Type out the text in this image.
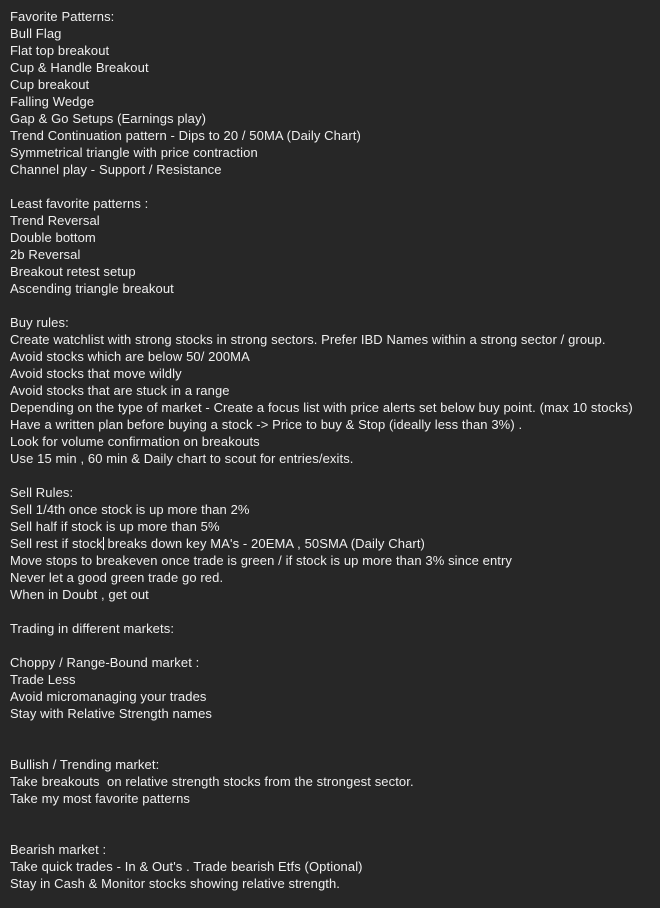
Favorite Patterns:
Bull Flag
Flat top breakout
Cup & Handle Breakout
Cup breakout
Falling Wedge
Gap & Go Setups (Earnings play)
Trend Continuation pattern - Dips to 20 / 50MA (Daily Chart)
Symmetrical triangle with price contraction
Channel play - Support / Resistance
Least favorite patterns :
Trend Reversal
Double bottom
2b Reversal
Breakout retest setup
Ascending triangle breakout
Buy rules:
Create watchlist with strong stocks in strong sectors. Prefer IBD Names within a strong sector / group.
Avoid stocks which are below 50/ 200MA
Avoid stocks that move wildly
Avoid stocks that are stuck in a range
Depending on the type of market - Create a focus list with price alerts set below buy point. (max 10 stocks)
Have a written plan before buying a stock -> Price to buy & Stop (ideally less than 3%) .
Look for volume confirmation on breakouts
Use 15 min , 60 min & Daily chart to scout for entries/exits.
Sell Rules:
Sell 1/4th once stock is up more than 2%
Sell half if stock is up more than 5%
Sell rest if stock breaks down key MA's - 20EMA , 50SMA (Daily Chart)
Move stops to breakeven once trade is green / if stock is up more than 3% since entry
Never let a good green trade go red.
When in Doubt , get out
Trading in different markets:
Choppy / Range-Bound market :
Trade Less
Avoid micromanaging your trades
Stay with Relative Strength names
Bullish / Trending market:
Take breakouts  on relative strength stocks from the strongest sector.
Take my most favorite patterns
Bearish market :
Take quick trades - In & Out's . Trade bearish Etfs (Optional)
Stay in Cash & Monitor stocks showing relative strength.
